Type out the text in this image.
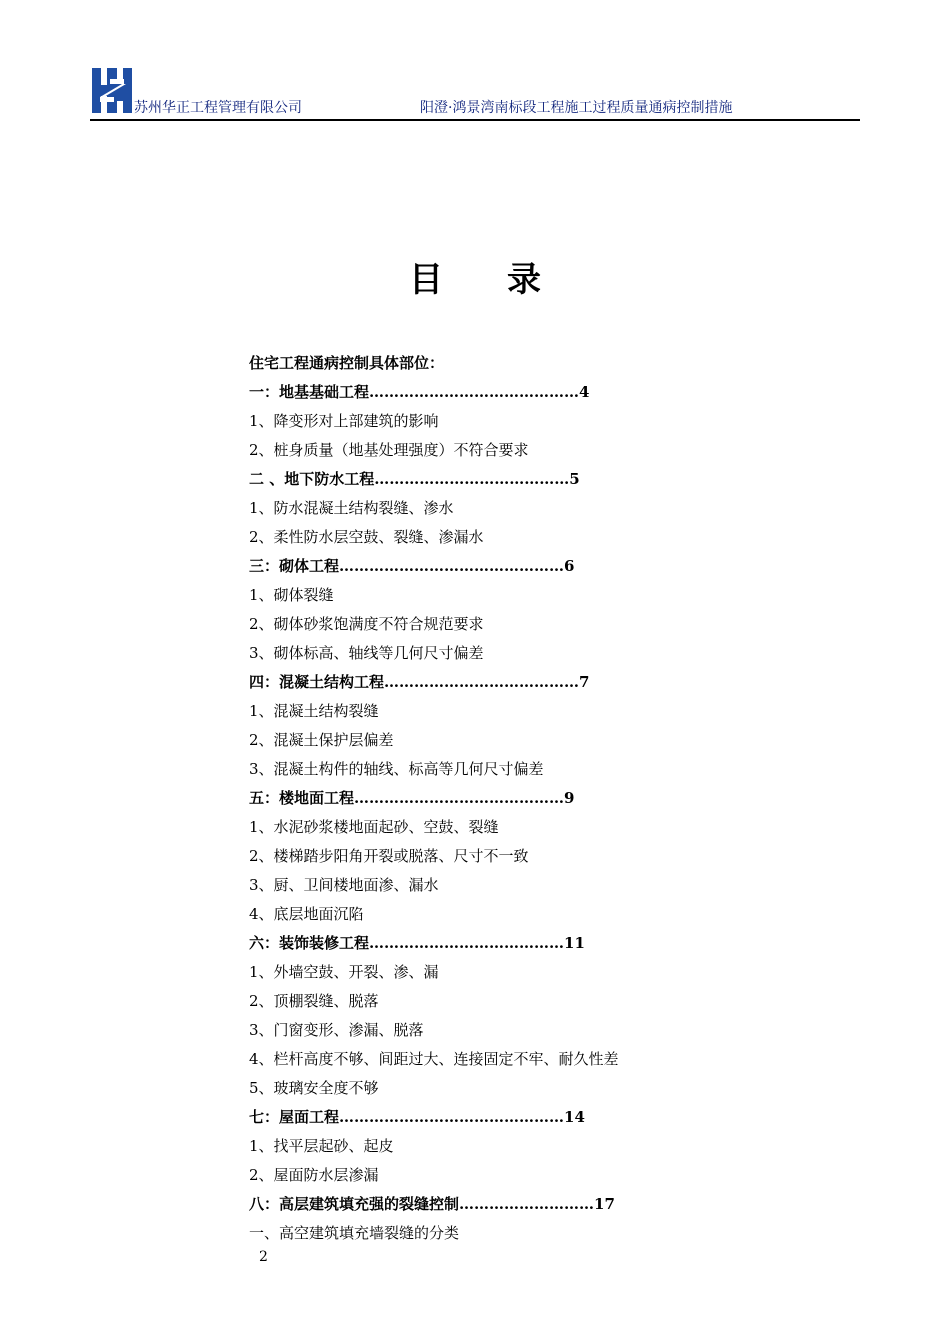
苏州华正工程管理有限公司	阳澄·鸿景湾南标段工程施工过程质量通病控制措施
目录
住宅工程通病控制具体部位：
一：地基基础工程……………………………………4
1、降变形对上部建筑的影响
2、桩身质量（地基处理强度）不符合要求
二 、地下防水工程…………………………………5
1、防水混凝土结构裂缝、渗水
2、柔性防水层空鼓、裂缝、渗漏水
三：砌体工程………………………………………6
1、砌体裂缝
2、砌体砂浆饱满度不符合规范要求
3、砌体标高、轴线等几何尺寸偏差
四：混凝土结构工程…………………………………7
1、混凝土结构裂缝
2、混凝土保护层偏差
3、混凝土构件的轴线、标高等几何尺寸偏差
五：楼地面工程……………………………………9
1、水泥砂浆楼地面起砂、空鼓、裂缝
2、楼梯踏步阳角开裂或脱落、尺寸不一致
3、厨、卫间楼地面渗、漏水
4、底层地面沉陷
六：装饰装修工程…………………………………11
1、外墙空鼓、开裂、渗、漏
2、顶棚裂缝、脱落
3、门窗变形、渗漏、脱落
4、栏杆高度不够、间距过大、连接固定不牢、耐久性差
5、玻璃安全度不够
七：屋面工程………………………………………14
1、找平层起砂、起皮
2、屋面防水层渗漏
八：高层建筑填充强的裂缝控制………………………17
一、高空建筑填充墙裂缝的分类
2
